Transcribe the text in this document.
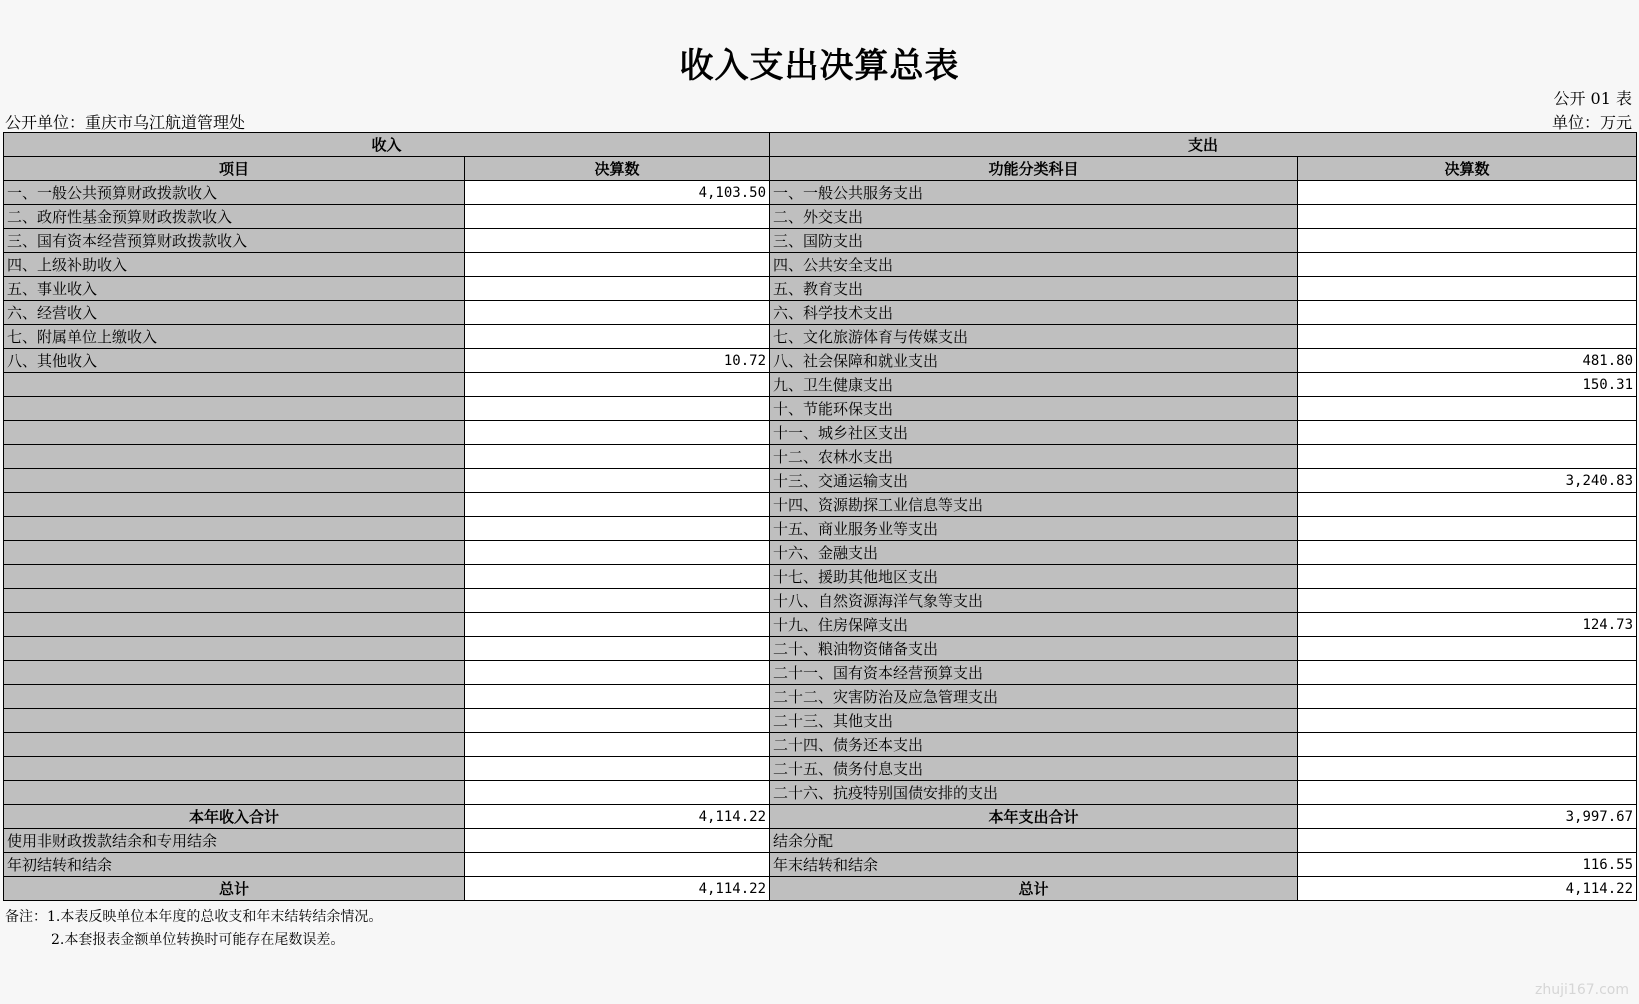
收入支出决算总表
公开 01 表
公开单位：重庆市乌江航道管理处	单位：万元
收入		支出	
项目	决算数	功能分类科目	决算数
一、一般公共预算财政拨款收入	4,103.50	一、一般公共服务支出	
二、政府性基金预算财政拨款收入		二、外交支出	
三、国有资本经营预算财政拨款收入		三、国防支出	
四、上级补助收入		四、公共安全支出	
五、事业收入		五、教育支出	
六、经营收入		六、科学技术支出	
七、附属单位上缴收入		七、文化旅游体育与传媒支出	
八、其他收入	10.72	八、社会保障和就业支出	481.80
		九、卫生健康支出	150.31
		十、节能环保支出	
		十一、城乡社区支出	
		十二、农林水支出	
		十三、交通运输支出	3,240.83
		十四、资源勘探工业信息等支出	
		十五、商业服务业等支出	
		十六、金融支出	
		十七、援助其他地区支出	
		十八、自然资源海洋气象等支出	
		十九、住房保障支出	124.73
		二十、粮油物资储备支出	
		二十一、国有资本经营预算支出	
		二十二、灾害防治及应急管理支出	
		二十三、其他支出	
		二十四、债务还本支出	
		二十五、债务付息支出	
		二十六、抗疫特别国债安排的支出	
本年收入合计	4,114.22	本年支出合计	3,997.67
使用非财政拨款结余和专用结余		结余分配	
年初结转和结余		年末结转和结余	116.55
总计	4,114.22	总计	4,114.22
备注：1.本表反映单位本年度的总收支和年末结转结余情况。
2.本套报表金额单位转换时可能存在尾数误差。
zhuji167.com
